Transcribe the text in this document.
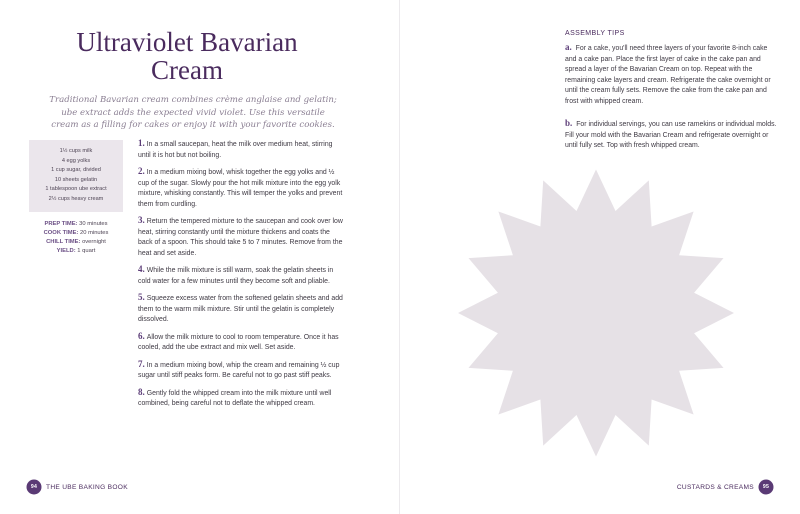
Ultraviolet Bavarian Cream

Traditional Bavarian cream combines crème anglaise and gelatin; ube extract adds the expected vivid violet. Use this versatile cream as a filling for cakes or enjoy it with your favorite cookies.

1½ cups milk
4 egg yolks
1 cup sugar, divided
10 sheets gelatin
1 tablespoon ube extract
2½ cups heavy cream
PREP TIME: 30 minutes
COOK TIME: 20 minutes
CHILL TIME: overnight
YIELD: 1 quart
1. In a small saucepan, heat the milk over medium heat, stirring until it is hot but not boiling.
2. In a medium mixing bowl, whisk together the egg yolks and ½ cup of the sugar. Slowly pour the hot milk mixture into the egg yolk mixture, whisking constantly. This will temper the yolks and prevent them from curdling.
3. Return the tempered mixture to the saucepan and cook over low heat, stirring constantly until the mixture thickens and coats the back of a spoon. This should take 5 to 7 minutes. Remove from the heat and set aside.
4. While the milk mixture is still warm, soak the gelatin sheets in cold water for a few minutes until they become soft and pliable.
5. Squeeze excess water from the softened gelatin sheets and add them to the warm milk mixture. Stir until the gelatin is completely dissolved.
6. Allow the milk mixture to cool to room temperature. Once it has cooled, add the ube extract and mix well. Set aside.
7. In a medium mixing bowl, whip the cream and remaining ½ cup sugar until stiff peaks form. Be careful not to go past stiff peaks.
8. Gently fold the whipped cream into the milk mixture until well combined, being careful not to deflate the whipped cream.
94	THE UBE BAKING BOOK
ASSEMBLY TIPS

a. For a cake, you'll need three layers of your favorite 8-inch cake and a cake pan. Place the first layer of cake in the cake pan and spread a layer of the Bavarian Cream on top. Repeat with the remaining cake layers and cream. Refrigerate the cake overnight or until the cream fully sets. Remove the cake from the cake pan and frost with whipped cream.

b. For individual servings, you can use ramekins or individual molds. Fill your mold with the Bavarian Cream and refrigerate overnight or until fully set. Top with fresh whipped cream.

CUSTARDS & CREAMS	95
